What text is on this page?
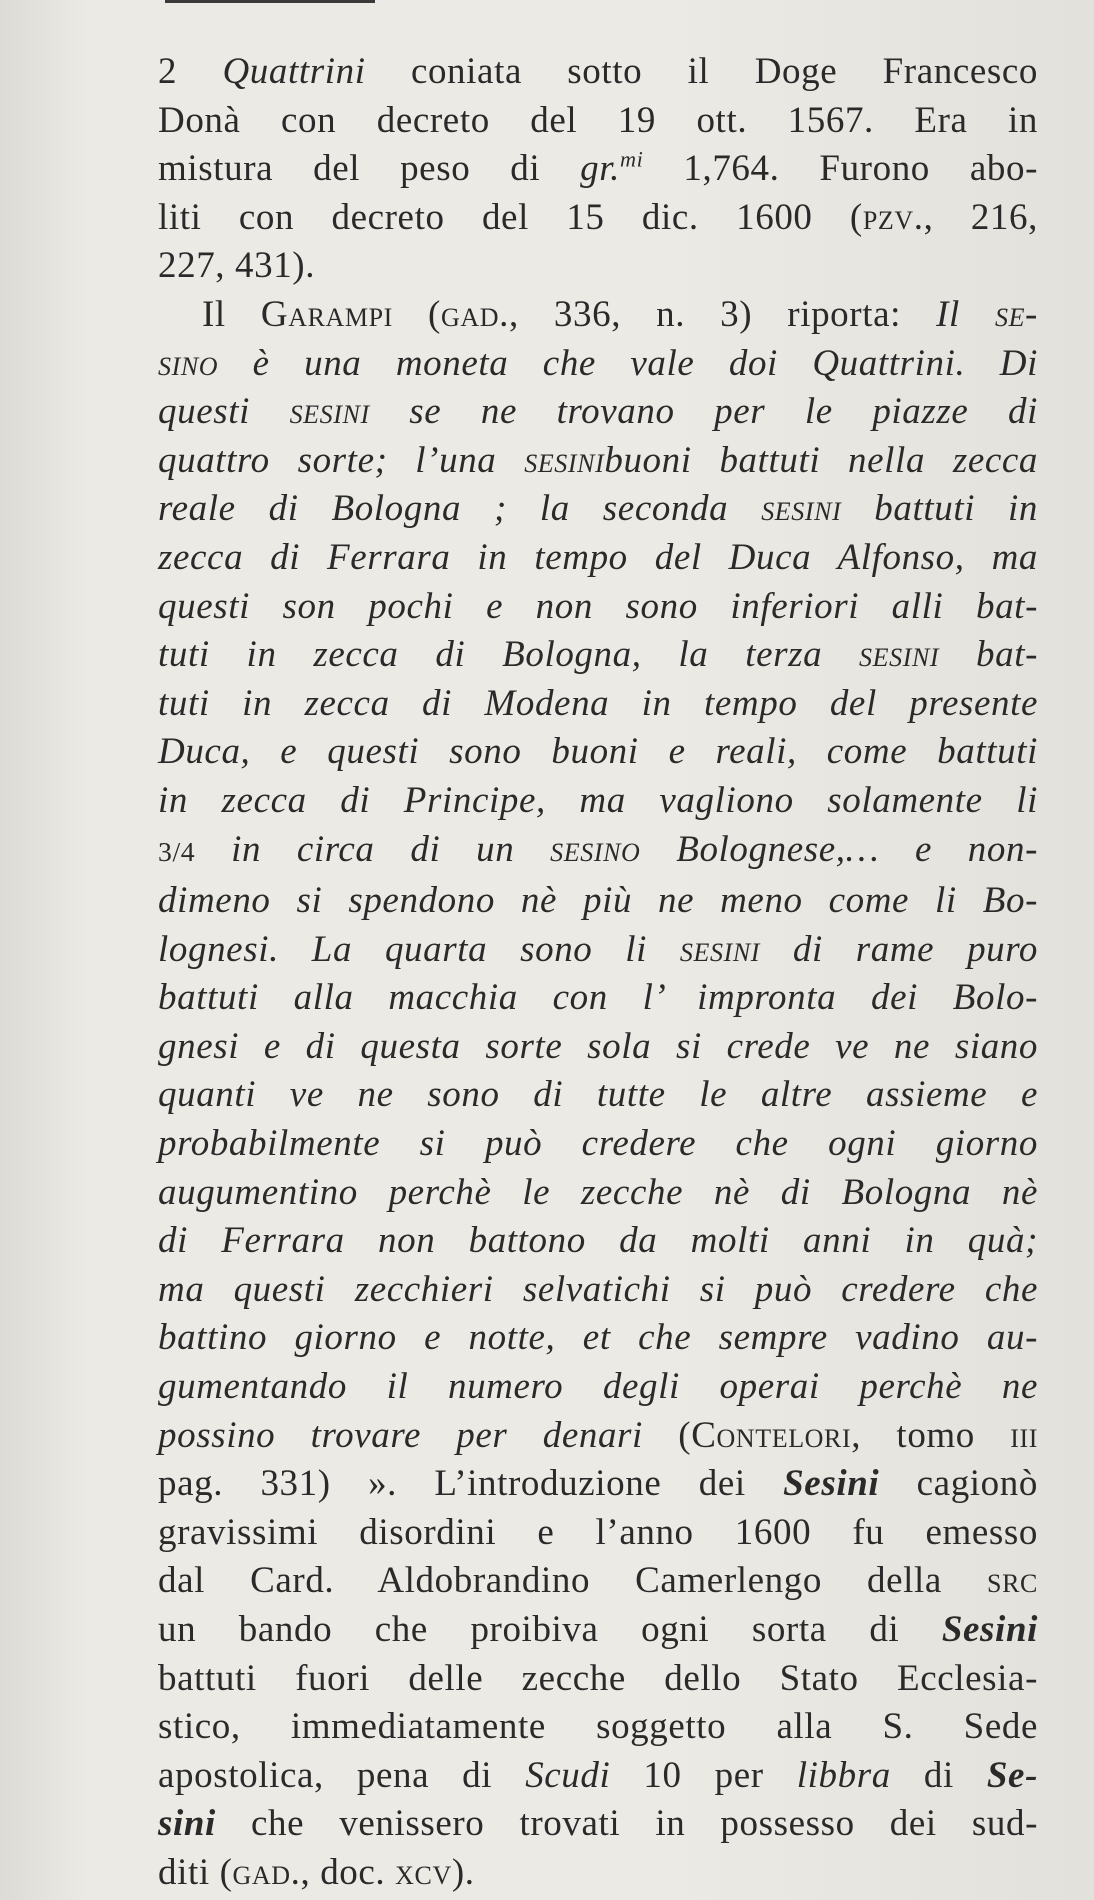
2 Quattrini coniata sotto il Doge Francesco
Donà con decreto del 19 ott. 1567. Era in
mistura del peso di gr.$^{mi}$ 1,764. Furono abo-
liti con decreto del 15 dic. 1600 (pzv., 216,
227, 431).
Il Garampi (gad., 336, n. 3) riporta: Il se-
sino è una moneta che vale doi Quattrini. Di
questi sesini se ne trovano per le piazze di
quattro sorte; l’una sesinibuoni battuti nella zecca
reale di Bologna ; la seconda sesini battuti in
zecca di Ferrara in tempo del Duca Alfonso, ma
questi son pochi e non sono inferiori alli bat-
tuti in zecca di Bologna, la terza sesini bat-
tuti in zecca di Modena in tempo del presente
Duca, e questi sono buoni e reali, come battuti
in zecca di Principe, ma vagliono solamente li
3/4 in circa di un sesino Bolognese,… e non-
dimeno si spendono nè più ne meno come li Bo-
lognesi. La quarta sono li sesini di rame puro
battuti alla macchia con l’ impronta dei Bolo-
gnesi e di questa sorte sola si crede ve ne siano
quanti ve ne sono di tutte le altre assieme e
probabilmente si può credere che ogni giorno
augumentino perchè le zecche nè di Bologna nè
di Ferrara non battono da molti anni in quà;
ma questi zecchieri selvatichi si può credere che
battino giorno e notte, et che sempre vadino au-
gumentando il numero degli operai perchè ne
possino trovare per denari (Contelori, tomo iii
pag. 331) ». L’introduzione dei Sesini cagionò
gravissimi disordini e l’anno 1600 fu emesso
dal Card. Aldobrandino Camerlengo della src
un bando che proibiva ogni sorta di Sesini
battuti fuori delle zecche dello Stato Ecclesia-
stico, immediatamente soggetto alla S. Sede
apostolica, pena di Scudi 10 per libbra di Se-
sini che venissero trovati in possesso dei sud-
diti (gad., doc. xcv).
